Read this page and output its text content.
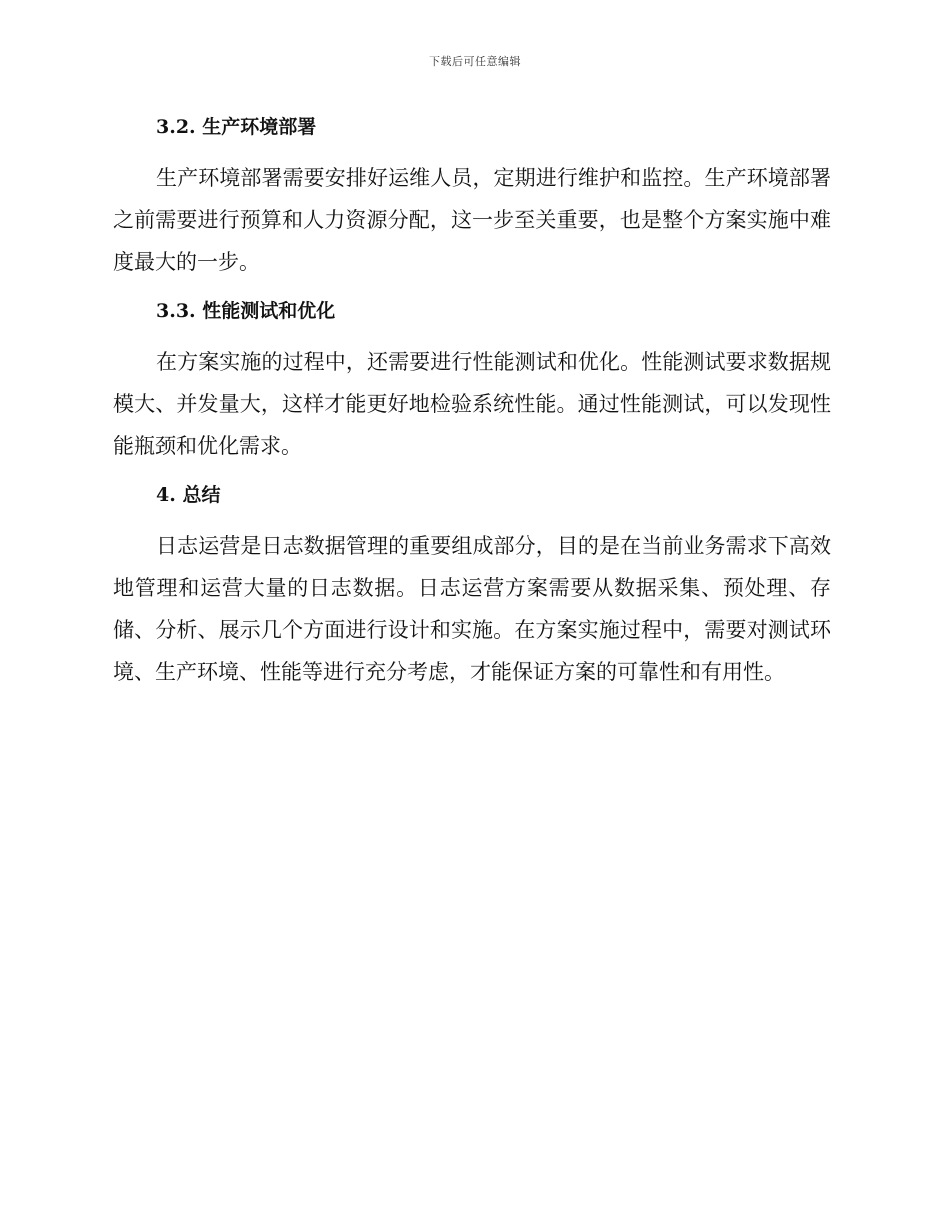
下载后可任意编辑
3.2. 生产环境部署

生产环境部署需要安排好运维人员，定期进行维护和监控。生产环境部署之前需要进行预算和人力资源分配，这一步至关重要，也是整个方案实施中难度最大的一步。

3.3. 性能测试和优化

在方案实施的过程中，还需要进行性能测试和优化。性能测试要求数据规模大、并发量大，这样才能更好地检验系统性能。通过性能测试，可以发现性能瓶颈和优化需求。

4. 总结

日志运营是日志数据管理的重要组成部分，目的是在当前业务需求下高效地管理和运营大量的日志数据。日志运营方案需要从数据采集、预处理、存储、分析、展示几个方面进行设计和实施。在方案实施过程中，需要对测试环境、生产环境、性能等进行充分考虑，才能保证方案的可靠性和有用性。
